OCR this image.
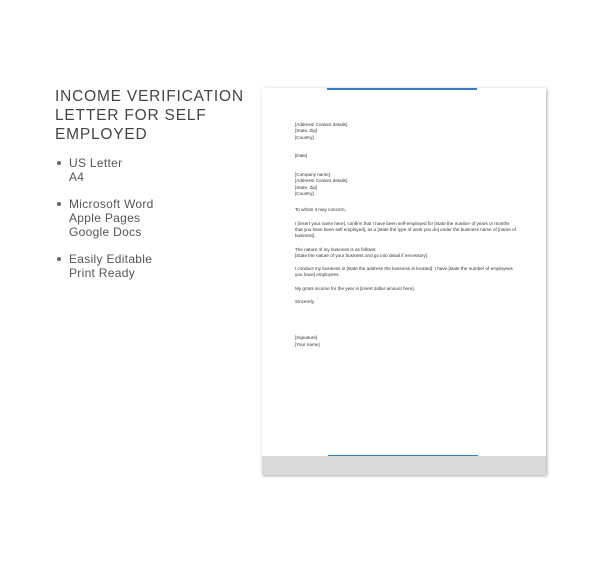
INCOME VERIFICATION LETTER FOR SELF EMPLOYED
US Letter
A4
Microsoft Word
Apple Pages
Google Docs
Easily Editable
Print Ready

[Address/ Contact details]
[State, Zip]
[Country]

[Date]

[Company name]
[Address/ Contact details]
[State, Zip]
[Country]

To whom it may concern,

I [insert your name here], confirm that I have been self-employed for [state the number of years or months that you have been self employed], as a [state the type of work you do] under the business name of [name of business].

The nature of my business is as follows:
[State the nature of your business and go into detail if necessary].

I conduct my business in [state the address the business is located]. I have [state the number of employees you have] employees.

My gross income for the year is [insert dollar amount here].

Sincerely,

[Signature]
[Your name]
